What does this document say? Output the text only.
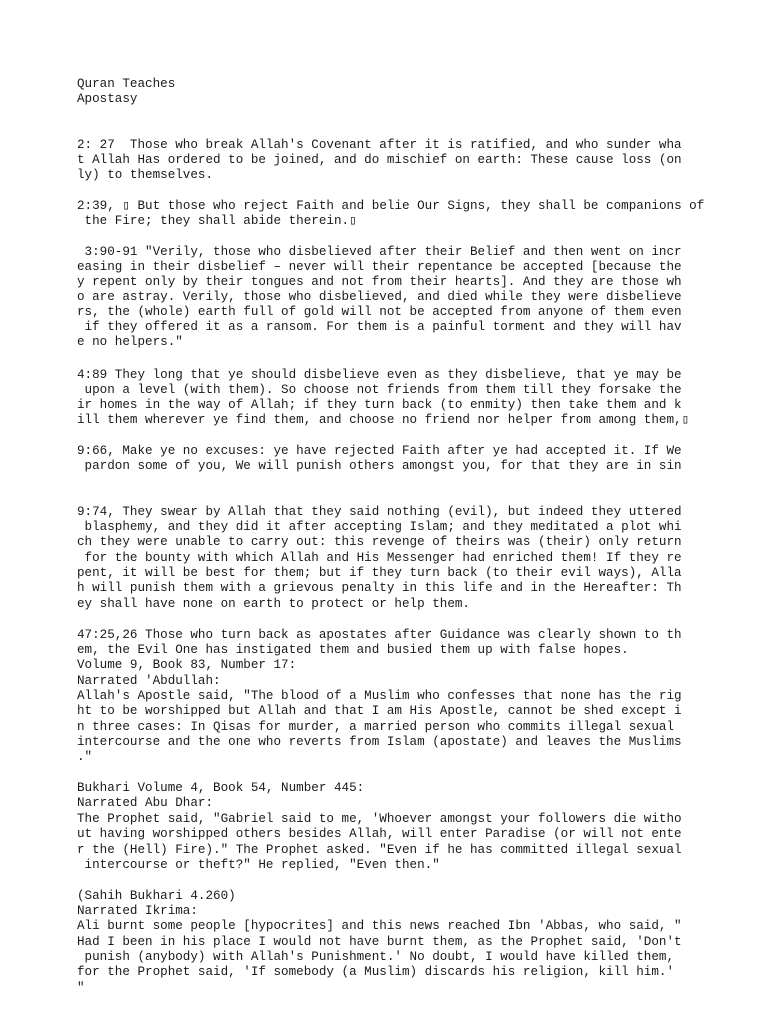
Quran Teaches
Apostasy
2: 27  Those who break Allah's Covenant after it is ratified, and who sunder wha
t Allah Has ordered to be joined, and do mischief on earth: These cause loss (on
ly) to themselves.
2:39, ▯ But those who reject Faith and belie Our Signs, they shall be companions of
the Fire; they shall abide therein.▯
3:90-91 "Verily, those who disbelieved after their Belief and then went on incr
easing in their disbelief – never will their repentance be accepted [because the
y repent only by their tongues and not from their hearts]. And they are those wh
o are astray. Verily, those who disbelieved, and died while they were disbelieve
rs, the (whole) earth full of gold will not be accepted from anyone of them even
if they offered it as a ransom. For them is a painful torment and they will hav
e no helpers."
4:89 They long that ye should disbelieve even as they disbelieve, that ye may be
upon a level (with them). So choose not friends from them till they forsake the
ir homes in the way of Allah; if they turn back (to enmity) then take them and k
ill them wherever ye find them, and choose no friend nor helper from among them,▯
9:66, Make ye no excuses: ye have rejected Faith after ye had accepted it. If We
pardon some of you, We will punish others amongst you, for that they are in sin
9:74, They swear by Allah that they said nothing (evil), but indeed they uttered
blasphemy, and they did it after accepting Islam; and they meditated a plot whi
ch they were unable to carry out: this revenge of theirs was (their) only return
for the bounty with which Allah and His Messenger had enriched them! If they re
pent, it will be best for them; but if they turn back (to their evil ways), Alla
h will punish them with a grievous penalty in this life and in the Hereafter: Th
ey shall have none on earth to protect or help them.
47:25,26 Those who turn back as apostates after Guidance was clearly shown to th
em, the Evil One has instigated them and busied them up with false hopes.
Volume 9, Book 83, Number 17:
Narrated 'Abdullah:
Allah's Apostle said, "The blood of a Muslim who confesses that none has the rig
ht to be worshipped but Allah and that I am His Apostle, cannot be shed except i
n three cases: In Qisas for murder, a married person who commits illegal sexual
intercourse and the one who reverts from Islam (apostate) and leaves the Muslims
."
Bukhari Volume 4, Book 54, Number 445:
Narrated Abu Dhar:
The Prophet said, "Gabriel said to me, 'Whoever amongst your followers die witho
ut having worshipped others besides Allah, will enter Paradise (or will not ente
r the (Hell) Fire)." The Prophet asked. "Even if he has committed illegal sexual
intercourse or theft?" He replied, "Even then."
(Sahih Bukhari 4.260)
Narrated Ikrima:
Ali burnt some people [hypocrites] and this news reached Ibn 'Abbas, who said, "
Had I been in his place I would not have burnt them, as the Prophet said, 'Don't
punish (anybody) with Allah's Punishment.' No doubt, I would have killed them,
for the Prophet said, 'If somebody (a Muslim) discards his religion, kill him.'
"
